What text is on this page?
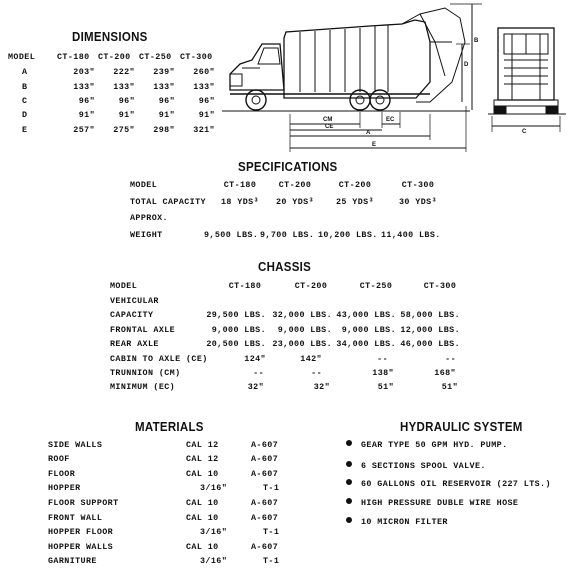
DIMENSIONS
MODEL	CT-180 CT-200 CT-250 CT-300
A	203"	222"	239"	260"
B	133"	133"	133"	133"
C	96"	96"	96"	96"
D	91"	91"	91"	91"
E	257"	275"	298"	321"
CM
CE
EC
A
E
B
D
C
SPECIFICATIONS
MODEL	CT-180	CT-200	CT-200	CT-300
TOTAL CAPACITY	18 YDS³	20 YDS³	25 YDS³	30 YDS³
APPROX.
WEIGHT	9,500 LBS. 9,700 LBS. 10,200 LBS. 11,400 LBS.
CHASSIS
MODEL	CT-180	CT-200	CT-250	CT-300
VEHICULAR
CAPACITY	29,500 LBS. 32,000 LBS. 43,000 LBS. 58,000 LBS.
FRONTAL AXLE	9,000 LBS.	9,000 LBS.	9,000 LBS. 12,000 LBS.
REAR AXLE	20,500 LBS. 23,000 LBS. 34,000 LBS. 46,000 LBS.
CABIN TO AXLE (CE)	124"	142"	--	--
TRUNNION (CM)	--	--	138"	168"
MINIMUM (EC)	32"	32"	51"	51"
MATERIALS
SIDE WALLS	CAL 12	A-607
ROOF	CAL 12	A-607
FLOOR	CAL 10	A-607
HOPPER	3/16"	T-1
FLOOR SUPPORT	CAL 10	A-607
FRONT WALL	CAL 10	A-607
HOPPER FLOOR	3/16"	T-1
HOPPER WALLS	CAL 10	A-607
GARNITURE	3/16"	T-1
HYDRAULIC SYSTEM
GEAR TYPE 50 GPM HYD. PUMP.
6 SECTIONS SPOOL VALVE.
60 GALLONS OIL RESERVOIR (227 LTS.)
HIGH PRESSURE DUBLE WIRE HOSE
10 MICRON FILTER
